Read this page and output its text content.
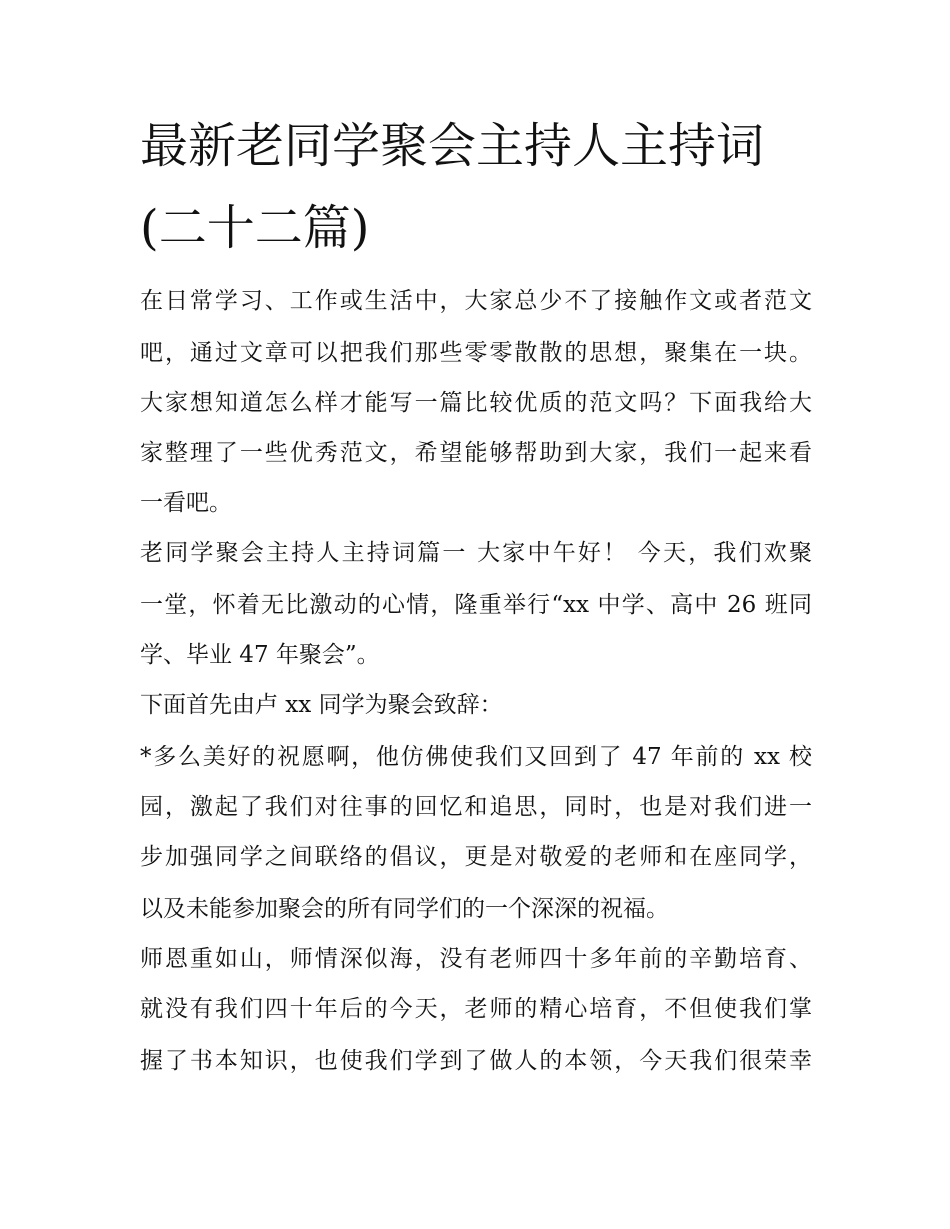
最新老同学聚会主持人主持词
(二十二篇)

在日常学习、工作或生活中，大家总少不了接触作文或者范文

吧，通过文章可以把我们那些零零散散的思想，聚集在一块。

大家想知道怎么样才能写一篇比较优质的范文吗？下面我给大

家整理了一些优秀范文，希望能够帮助到大家，我们一起来看

一看吧。

老同学聚会主持人主持词篇一 大家中午好！ 今天，我们欢聚

一堂，怀着无比激动的心情，隆重举行“xx 中学、高中 26 班同

学、毕业 47 年聚会”。

下面首先由卢 xx 同学为聚会致辞：

*多么美好的祝愿啊，他仿佛使我们又回到了 47 年前的 xx 校

园，激起了我们对往事的回忆和追思，同时，也是对我们进一

步加强同学之间联络的倡议，更是对敬爱的老师和在座同学，

以及未能参加聚会的所有同学们的一个深深的祝福。

师恩重如山，师情深似海，没有老师四十多年前的辛勤培育、

就没有我们四十年后的今天，老师的精心培育，不但使我们掌

握了书本知识，也使我们学到了做人的本领，今天我们很荣幸
